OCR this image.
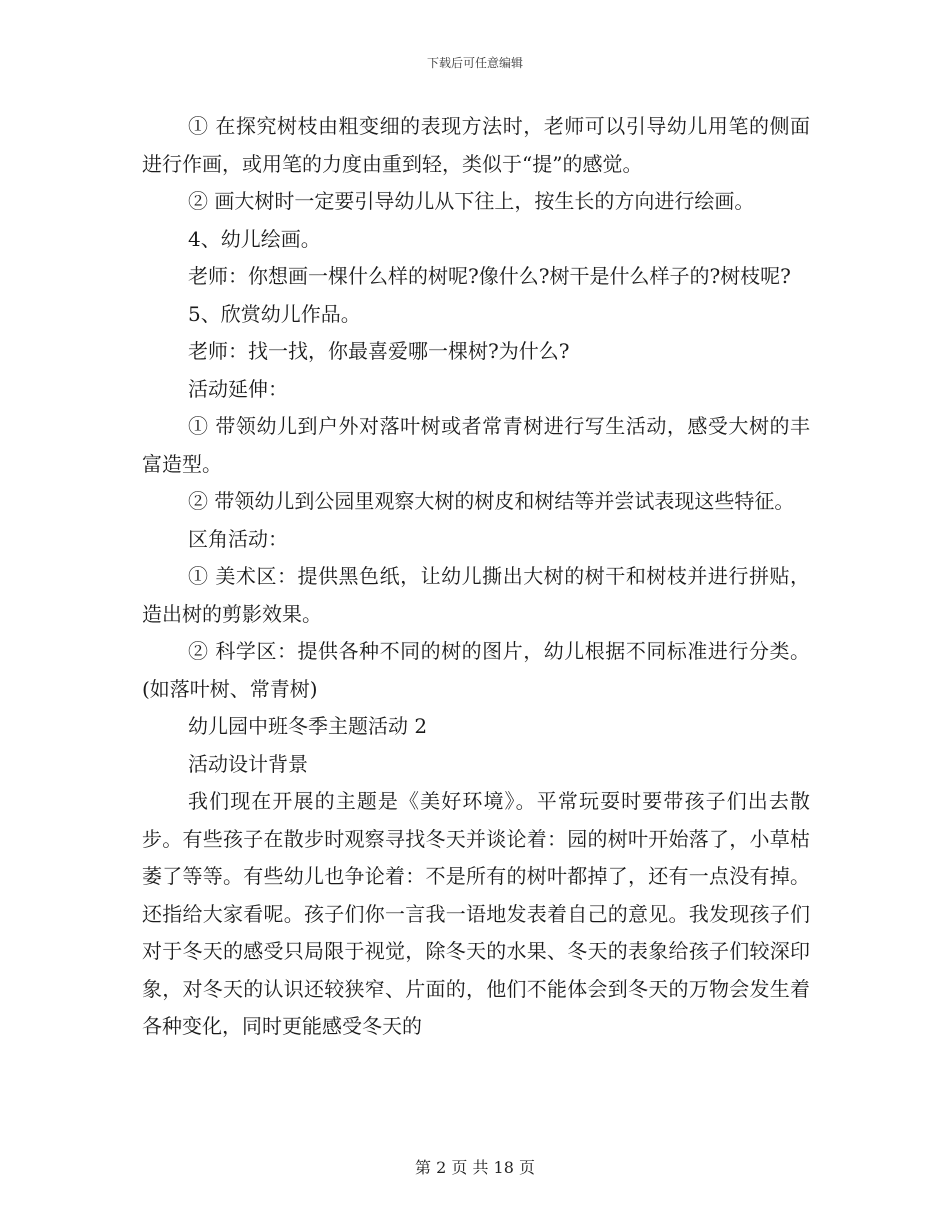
下载后可任意编辑

① 在探究树枝由粗变细的表现方法时，老师可以引导幼儿用笔的侧面进行作画，或用笔的力度由重到轻，类似于“提”的感觉。

② 画大树时一定要引导幼儿从下往上，按生长的方向进行绘画。

4、幼儿绘画。

老师：你想画一棵什么样的树呢?像什么?树干是什么样子的?树枝呢?

5、欣赏幼儿作品。

老师：找一找，你最喜爱哪一棵树?为什么?

活动延伸：

① 带领幼儿到户外对落叶树或者常青树进行写生活动，感受大树的丰富造型。

② 带领幼儿到公园里观察大树的树皮和树结等并尝试表现这些特征。

区角活动：

① 美术区：提供黑色纸，让幼儿撕出大树的树干和树枝并进行拼贴，造出树的剪影效果。

② 科学区：提供各种不同的树的图片，幼儿根据不同标准进行分类。(如落叶树、常青树)

幼儿园中班冬季主题活动 2

活动设计背景

我们现在开展的主题是《美好环境》。平常玩耍时要带孩子们出去散步。有些孩子在散步时观察寻找冬天并谈论着：园的树叶开始落了，小草枯萎了等等。有些幼儿也争论着：不是所有的树叶都掉了，还有一点没有掉。还指给大家看呢。孩子们你一言我一语地发表着自己的意见。我发现孩子们对于冬天的感受只局限于视觉，除冬天的水果、冬天的表象给孩子们较深印象，对冬天的认识还较狭窄、片面的，他们不能体会到冬天的万物会发生着各种变化，同时更能感受冬天的

第 2 页 共 18 页
